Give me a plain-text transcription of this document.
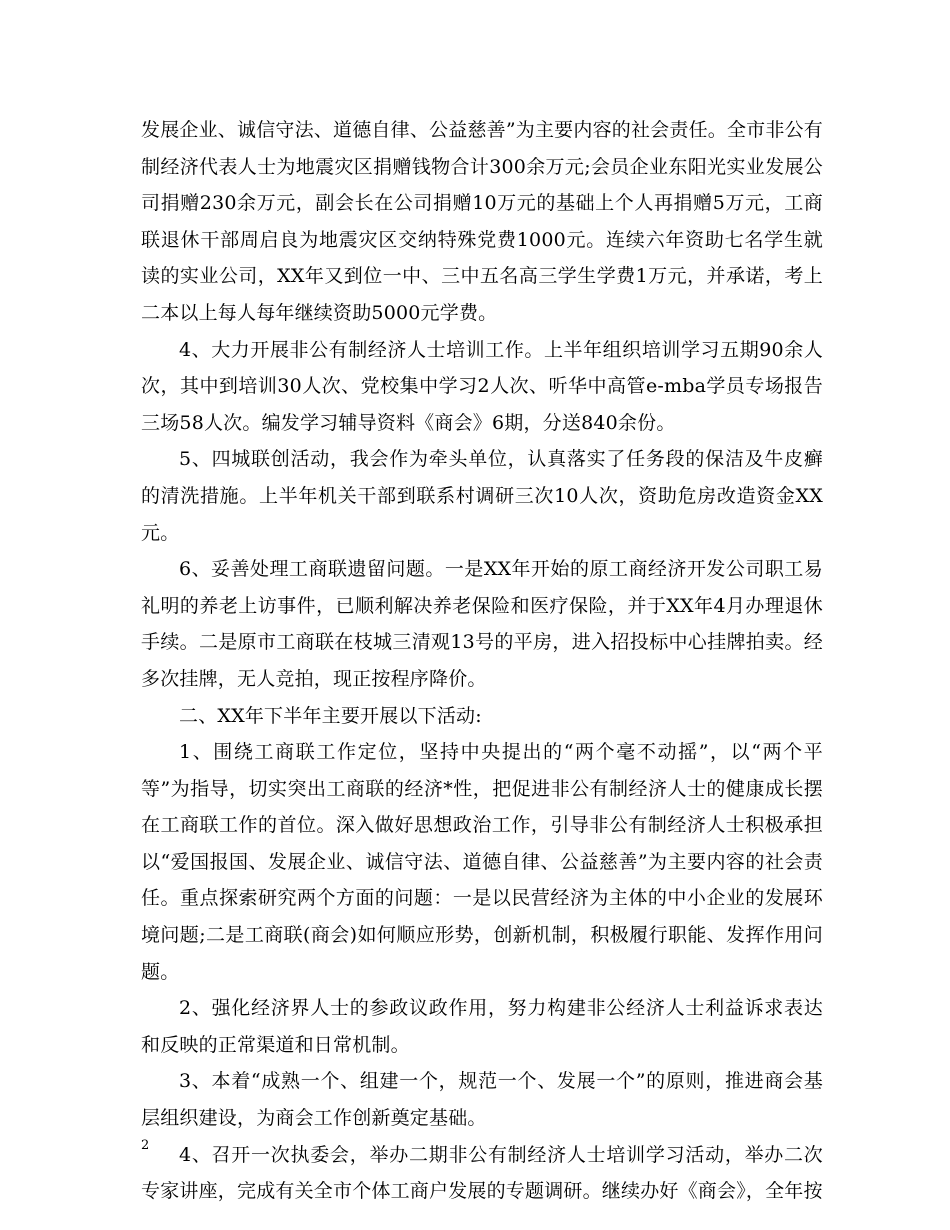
发展企业、诚信守法、道德自律、公益慈善”为主要内容的社会责任。全市非公有制经济代表人士为地震灾区捐赠钱物合计300余万元;会员企业东阳光实业发展公司捐赠230余万元，副会长在公司捐赠10万元的基础上个人再捐赠5万元，工商联退休干部周启良为地震灾区交纳特殊党费1000元。连续六年资助七名学生就读的实业公司，XX年又到位一中、三中五名高三学生学费1万元，并承诺，考上二本以上每人每年继续资助5000元学费。

4、大力开展非公有制经济人士培训工作。上半年组织培训学习五期90余人次，其中到培训30人次、党校集中学习2人次、听华中高管e-mba学员专场报告三场58人次。编发学习辅导资料《商会》6期，分送840余份。

5、四城联创活动，我会作为牵头单位，认真落实了任务段的保洁及牛皮癣的清洗措施。上半年机关干部到联系村调研三次10人次，资助危房改造资金XX元。

6、妥善处理工商联遗留问题。一是XX年开始的原工商经济开发公司职工易礼明的养老上访事件，已顺利解决养老保险和医疗保险，并于XX年4月办理退休手续。二是原市工商联在枝城三清观13号的平房，进入招投标中心挂牌拍卖。经多次挂牌，无人竞拍，现正按程序降价。

二、XX年下半年主要开展以下活动:

1、围绕工商联工作定位，坚持中央提出的“两个毫不动摇”，以“两个平等”为指导，切实突出工商联的经济*性，把促进非公有制经济人士的健康成长摆在工商联工作的首位。深入做好思想政治工作，引导非公有制经济人士积极承担以“爱国报国、发展企业、诚信守法、道德自律、公益慈善”为主要内容的社会责任。重点探索研究两个方面的问题：一是以民营经济为主体的中小企业的发展环境问题;二是工商联(商会)如何顺应形势，创新机制，积极履行职能、发挥作用问题。

2、强化经济界人士的参政议政作用，努力构建非公经济人士利益诉求表达和反映的正常渠道和日常机制。

3、本着“成熟一个、组建一个，规范一个、发展一个”的原则，推进商会基层组织建设，为商会工作创新奠定基础。

4、召开一次执委会，举办二期非公有制经济人士培训学习活动，举办二次专家讲座，完成有关全市个体工商户发展的专题调研。继续办好《商会》，全年按

2
